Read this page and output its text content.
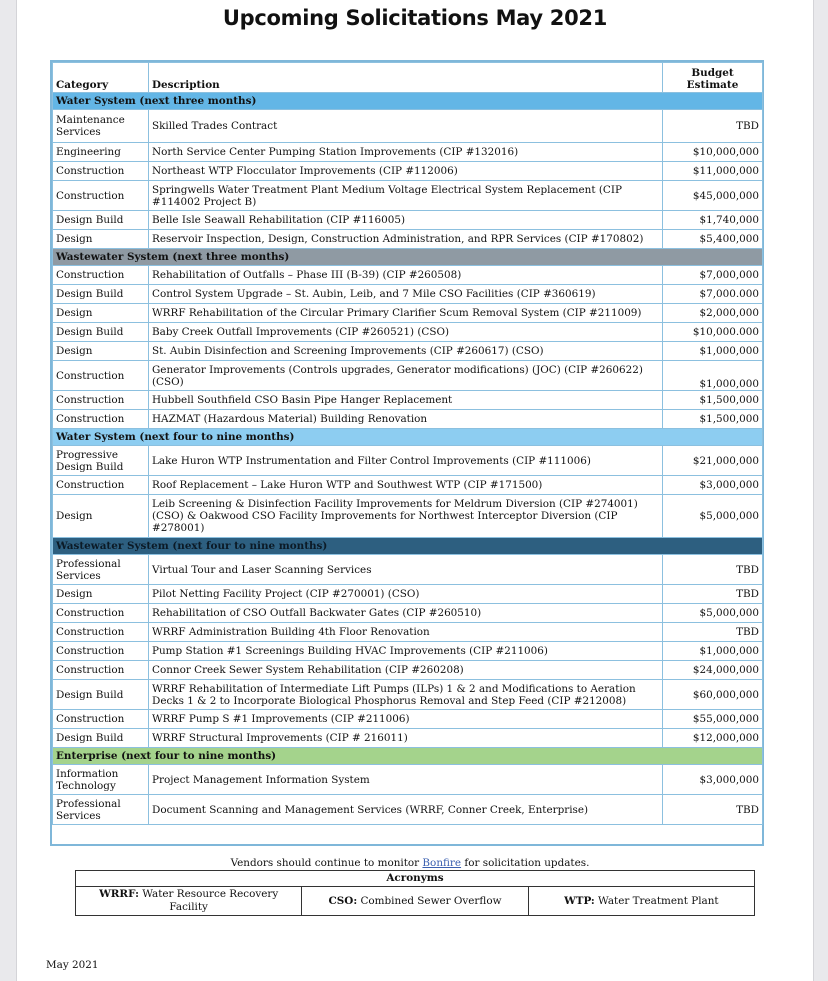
Upcoming Solicitations May 2021
Category	Description	Budget Estimate
Water System (next three months)		
Maintenance Services	Skilled Trades Contract	TBD
Engineering	North Service Center Pumping Station Improvements (CIP #132016)	$10,000,000
Construction	Northeast WTP Flocculator Improvements (CIP #112006)	$11,000,000
Construction	Springwells Water Treatment Plant Medium Voltage Electrical System Replacement (CIP #114002 Project B)	$45,000,000
Design Build	Belle Isle Seawall Rehabilitation (CIP #116005)	$1,740,000
Design	Reservoir Inspection, Design, Construction Administration, and RPR Services (CIP #170802)	$5,400,000
Wastewater System (next three months)		
Construction	Rehabilitation of Outfalls – Phase III (B-39) (CIP #260508)	$7,000,000
Design Build	Control System Upgrade – St. Aubin, Leib, and 7 Mile CSO Facilities (CIP #360619)	$7,000.000
Design	WRRF Rehabilitation of the Circular Primary Clarifier Scum Removal System (CIP #211009)	$2,000,000
Design Build	Baby Creek Outfall Improvements (CIP #260521) (CSO)	$10,000.000
Design	St. Aubin Disinfection and Screening Improvements (CIP #260617) (CSO)	$1,000,000
Construction	Generator Improvements (Controls upgrades, Generator modifications) (JOC) (CIP #260622) (CSO)	$1,000,000
Construction	Hubbell Southfield CSO Basin Pipe Hanger Replacement	$1,500,000
Construction	HAZMAT (Hazardous Material) Building Renovation	$1,500,000
Water System (next four to nine months)		
Progressive Design Build	Lake Huron WTP Instrumentation and Filter Control Improvements (CIP #111006)	$21,000,000
Construction	Roof Replacement – Lake Huron WTP and Southwest WTP (CIP #171500)	$3,000,000
Design	Leib Screening & Disinfection Facility Improvements for Meldrum Diversion (CIP #274001) (CSO) & Oakwood CSO Facility Improvements for Northwest Interceptor Diversion (CIP #278001)	$5,000,000
Wastewater System (next four to nine months)		
Professional Services	Virtual Tour and Laser Scanning Services	TBD
Design	Pilot Netting Facility Project (CIP #270001) (CSO)	TBD
Construction	Rehabilitation of CSO Outfall Backwater Gates (CIP #260510)	$5,000,000
Construction	WRRF Administration Building 4th Floor Renovation	TBD
Construction	Pump Station #1 Screenings Building HVAC Improvements (CIP #211006)	$1,000,000
Construction	Connor Creek Sewer System Rehabilitation (CIP #260208)	$24,000,000
Design Build	WRRF Rehabilitation of Intermediate Lift Pumps (ILPs) 1 & 2 and Modifications to Aeration Decks 1 & 2 to Incorporate Biological Phosphorus Removal and Step Feed (CIP #212008)	$60,000,000
Construction	WRRF Pump S #1 Improvements (CIP #211006)	$55,000,000
Design Build	WRRF Structural Improvements (CIP # 216011)	$12,000,000
Enterprise (next four to nine months)		
Information Technology	Project Management Information System	$3,000,000
Professional Services	Document Scanning and Management Services (WRRF, Conner Creek, Enterprise)	TBD
Vendors should continue to monitor Bonfire for solicitation updates.
Acronyms
WRRF: Water Resource Recovery Facility	CSO: Combined Sewer Overflow	WTP: Water Treatment Plant
May 2021
